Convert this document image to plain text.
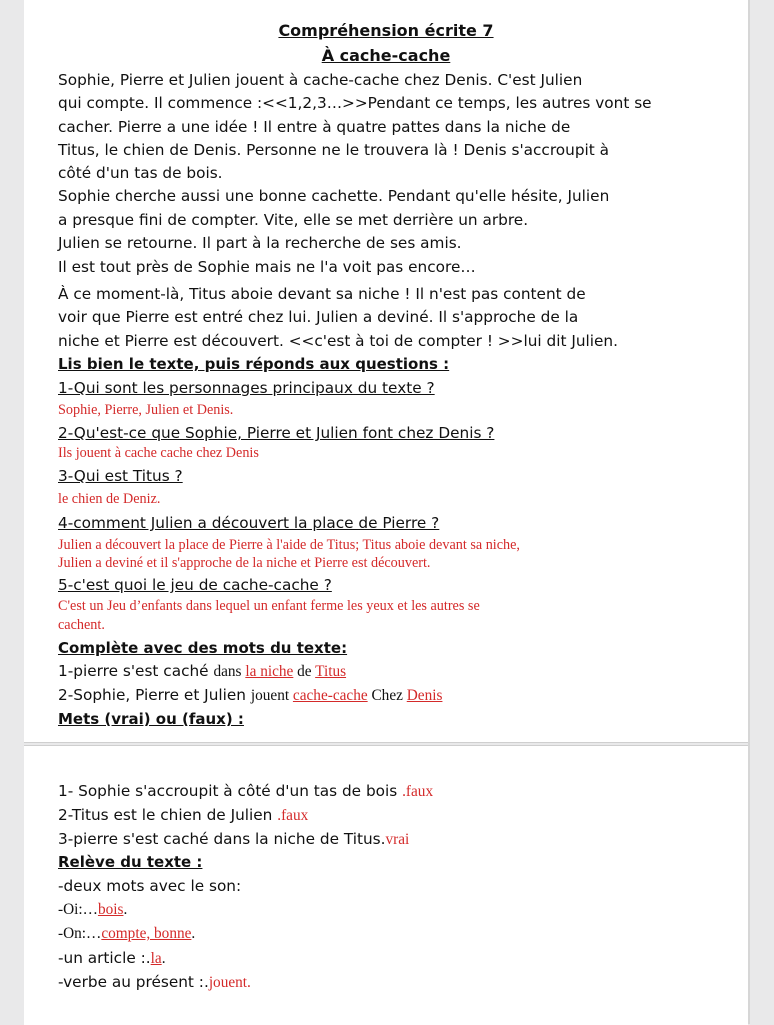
Compréhension écrite 7
À cache-cache
Sophie, Pierre et Julien jouent à cache-cache chez Denis. C'est Julien
qui compte. Il commence :<<1,2,3…>>Pendant ce temps, les autres vont se
cacher. Pierre a une idée ! Il entre à quatre pattes dans la niche de
Titus, le chien de Denis. Personne ne le trouvera là ! Denis s'accroupit à
côté d'un tas de bois.
Sophie cherche aussi une bonne cachette. Pendant qu'elle hésite, Julien
a presque fini de compter. Vite, elle se met derrière un arbre.
Julien se retourne. Il part à la recherche de ses amis.
Il est tout près de Sophie mais ne l'a voit pas encore…
À ce moment-là, Titus aboie devant sa niche ! Il n'est pas content de
voir que Pierre est entré chez lui. Julien a deviné. Il s'approche de la
niche et Pierre est découvert. <<c'est à toi de compter ! >>lui dit Julien.
Lis bien le texte, puis réponds aux questions :
1-Qui sont les personnages principaux du texte ?
Sophie, Pierre, Julien et Denis.
2-Qu'est-ce que Sophie, Pierre et Julien font chez Denis ?
Ils jouent à cache cache chez Denis
3-Qui est Titus ?
le chien de Deniz.
4-comment Julien a découvert la place de Pierre ?
Julien a découvert la place de Pierre à l'aide de Titus; Titus aboie devant sa niche,
Julien a deviné et il s'approche de la niche et Pierre est découvert.
5-c'est quoi le jeu de cache-cache ?
C'est un Jeu d’enfants dans lequel un enfant ferme les yeux et les autres se
cachent.
Complète avec des mots du texte:
1-pierre s'est caché dans la niche de Titus
2-Sophie, Pierre et Julien jouent cache-cache Chez Denis
Mets (vrai) ou (faux) :
1- Sophie s'accroupit à côté d'un tas de bois .faux
2-Titus est le chien de Julien .faux
3-pierre s'est caché dans la niche de Titus.vrai
Relève du texte :
-deux mots avec le son:
-Oi:…bois.
-On:…compte, bonne.
-un article :.la.
-verbe au présent :.jouent.
